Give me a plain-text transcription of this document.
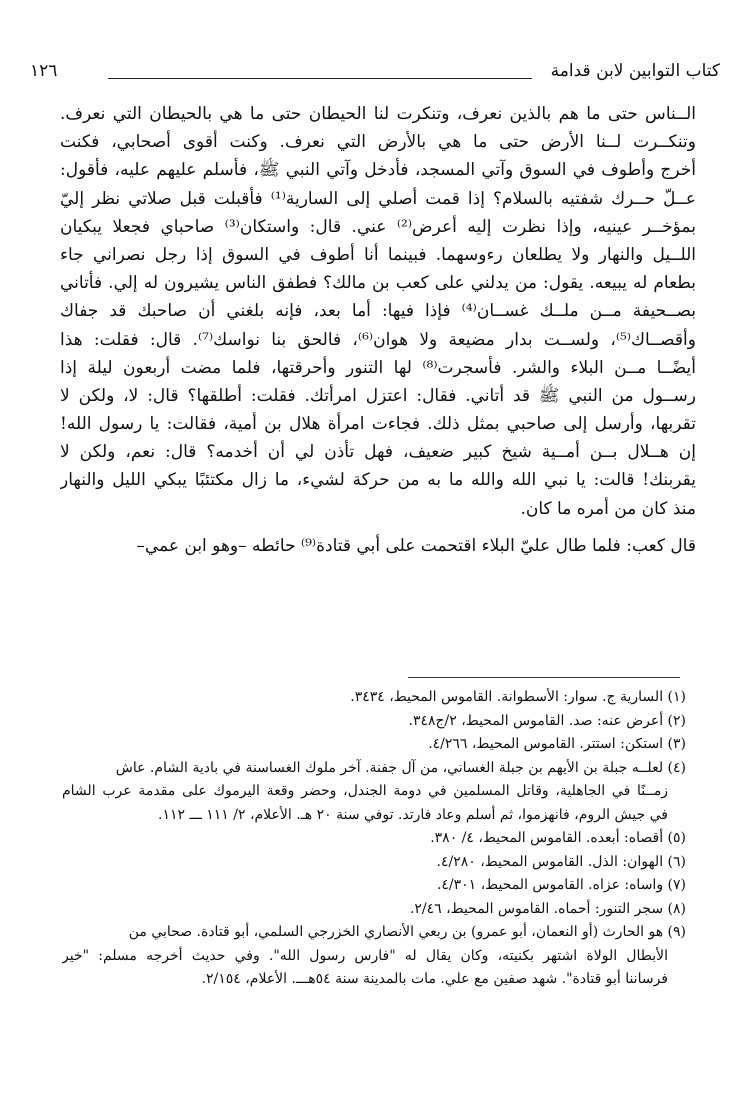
كتاب التوابين لابن قدامة
١٢٦
الــناس حتى ما هم بالذين نعرف، وتنكرت لنا الحيطان حتى ما هي بالحيطان التي نعرف.
وتنكــرت لــنا الأرض حتى ما هي بالأرض التي نعرف. وكنت أقوى أصحابي، فكنت
أخرج وأطوف في السوق وآتي المسجد، فأدخل وآتي النبي ﷺ، فأسلم عليهم عليه، فأقول:
عــلّ حــرك شفتيه بالسلام؟ إذا قمت أصلي إلى السارية⁽¹⁾ فأقبلت قبل صلاتي نظر إليّ
بمؤخــر عينيه، وإذا نظرت إليه أعرض⁽²⁾ عني. قال: واستكان⁽³⁾ صاحباي فجعلا يبكيان
اللــيل والنهار ولا يطلعان رءوسهما. فبينما أنا أطوف في السوق إذا رجل نصراني جاء
بطعام له يبيعه. يقول: من يدلني على كعب بن مالك؟ فطفق الناس يشيرون له إلي. فأتاني
بصــحيفة مــن ملــك غســان⁽⁴⁾ فإذا فيها: أما بعد، فإنه بلغني أن صاحبك قد جفاك
وأقصــاك⁽⁵⁾، ولســت بدار مضيعة ولا هوان⁽⁶⁾، فالحق بنا نواسك⁽⁷⁾. قال: فقلت: هذا
أيضًــا مــن البلاء والشر. فأسجرت⁽⁸⁾ لها التنور وأحرقتها، فلما مضت أربعون ليلة إذا
رســول من النبي ﷺ قد أتاني. فقال: اعتزل امرأتك. فقلت: أطلقها؟ قال: لا، ولكن لا
تقربها، وأرسل إلى صاحبي بمثل ذلك. فجاءت امرأة هلال بن أمية، فقالت: يا رسول الله!
إن هــلال بــن أمــية شيخ كبير ضعيف، فهل تأذن لي أن أخدمه؟ قال: نعم، ولكن لا
يقربنك! قالت: يا نبي الله والله ما به من حركة لشيء، ما زال مكتئبًا يبكي الليل والنهار
منذ كان من أمره ما كان.
قال كعب: فلما طال عليّ البلاء اقتحمت على أبي قتادة⁽⁹⁾ حائطه –وهو ابن عمي–
(١) السارية ج. سوار: الأسطوانة. القاموس المحيط، ٣٤٣٤.
(٢) أعرض عنه: صد. القاموس المحيط، ٢/ج٣٤٨.
(٣) استكن: استتر. القاموس المحيط، ٤/٢٦٦.
(٤) لعلــه جبلة بن الأيهم بن جبلة الغساني، من آل جفنة. آخر ملوك الغساسنة في بادية الشام. عاش
زمــنًا في الجاهلية، وقاتل المسلمين في دومة الجندل، وحضر وقعة اليرموك على مقدمة عرب الشام
في جيش الروم، فانهزموا، ثم أسلم وعاد فارتد. توفي سنة ٢٠ هـ. الأعلام، ٢/ ١١١ ـــ ١١٢.
(٥) أقصاه: أبعده. القاموس المحيط، ٤/ ٣٨٠.
(٦) الهوان: الذل. القاموس المحيط، ٤/٢٨٠.
(٧) واساه: عزاه. القاموس المحيط، ٤/٣٠١.
(٨) سجر التنور: أحماه. القاموس المحيط، ٢/٤٦.
(٩) هو الحارث (أو النعمان، أبو عمرو) بن ربعي الأنصاري الخزرجي السلمي، أبو قتادة. صحابي من
الأبطال الولاة اشتهر بكنيته، وكان يقال له "فارس رسول الله". وفي حديث أخرجه مسلم: "خير
فرساننا أبو قتادة". شهد صفين مع علي. مات بالمدينة سنة ٥٤هـــ. الأعلام، ٢/١٥٤.
